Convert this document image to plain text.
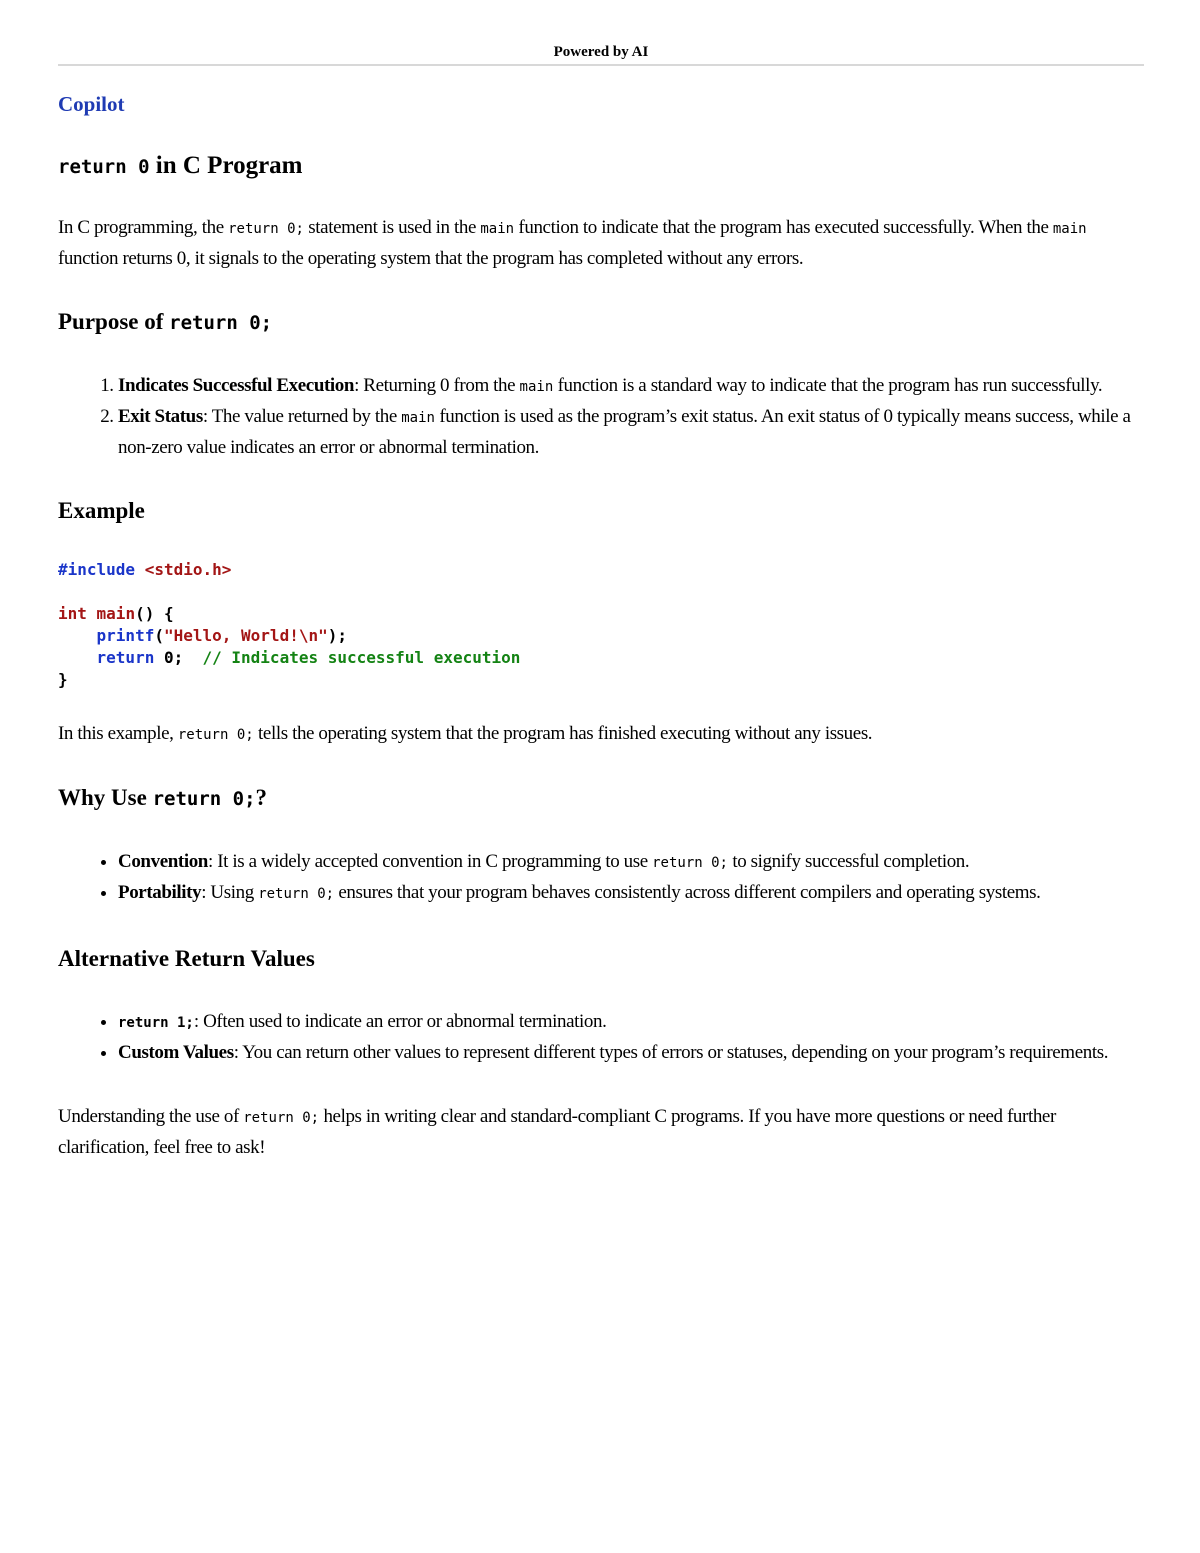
Powered by AI
Copilot
return 0 in C Program

In C programming, the return 0; statement is used in the main function to indicate that the program has executed successfully. When the main function returns 0, it signals to the operating system that the program has completed without any errors.

Purpose of return 0;
1. Indicates Successful Execution: Returning 0 from the main function is a standard way to indicate that the program has run successfully.
2. Exit Status: The value returned by the main function is used as the program’s exit status. An exit status of 0 typically means success, while a non-zero value indicates an error or abnormal termination.
Example
#include <stdio.h>

int main() {
printf("Hello, World!\n");
return 0;  // Indicates successful execution
}

In this example, return 0; tells the operating system that the program has finished executing without any issues.

Why Use return 0;?
• Convention: It is a widely accepted convention in C programming to use return 0; to signify successful completion.
• Portability: Using return 0; ensures that your program behaves consistently across different compilers and operating systems.
Alternative Return Values
• return 1;: Often used to indicate an error or abnormal termination.
• Custom Values: You can return other values to represent different types of errors or statuses, depending on your program’s requirements.

Understanding the use of return 0; helps in writing clear and standard-compliant C programs. If you have more questions or need further clarification, feel free to ask!
